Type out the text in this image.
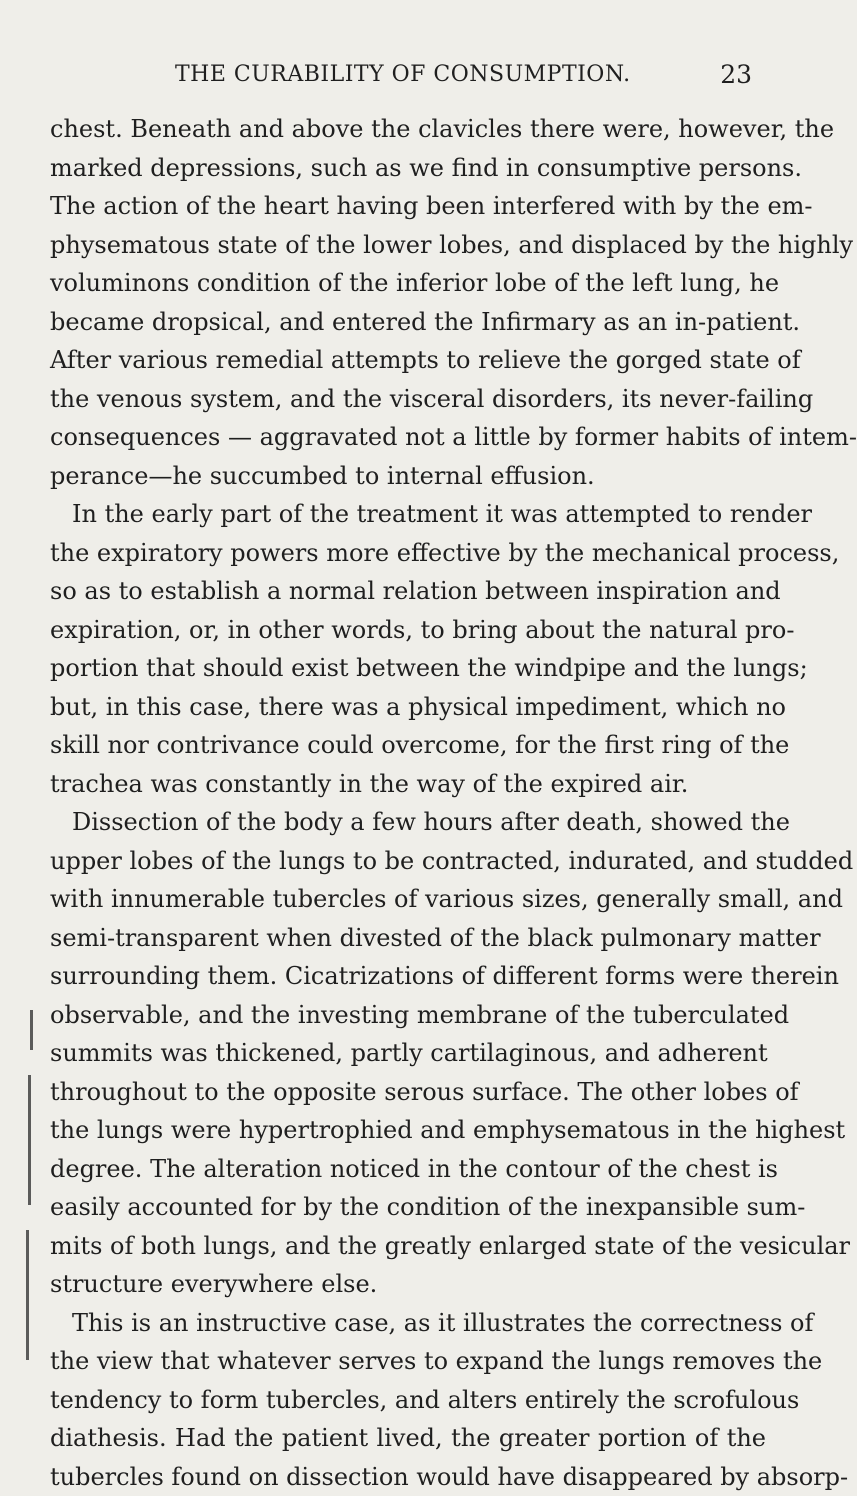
THE CURABILITY OF CONSUMPTION.	23
chest. Beneath and above the clavicles there were, however, the
marked depressions, such as we find in consumptive persons.
The action of the heart having been interfered with by the em-
physematous state of the lower lobes, and displaced by the highly
voluminons condition of the inferior lobe of the left lung, he
became dropsical, and entered the Infirmary as an in-patient.
After various remedial attempts to relieve the gorged state of
the venous system, and the visceral disorders, its never-failing
consequences — aggravated not a little by former habits of intem-
perance—he succumbed to internal effusion.
In the early part of the treatment it was attempted to render
the expiratory powers more effective by the mechanical process,
so as to establish a normal relation between inspiration and
expiration, or, in other words, to bring about the natural pro-
portion that should exist between the windpipe and the lungs;
but, in this case, there was a physical impediment, which no
skill nor contrivance could overcome, for the first ring of the
trachea was constantly in the way of the expired air.
Dissection of the body a few hours after death, showed the
upper lobes of the lungs to be contracted, indurated, and studded
with innumerable tubercles of various sizes, generally small, and
semi-transparent when divested of the black pulmonary matter
surrounding them. Cicatrizations of different forms were therein
observable, and the investing membrane of the tuberculated
summits was thickened, partly cartilaginous, and adherent
throughout to the opposite serous surface. The other lobes of
the lungs were hypertrophied and emphysematous in the highest
degree. The alteration noticed in the contour of the chest is
easily accounted for by the condition of the inexpansible sum-
mits of both lungs, and the greatly enlarged state of the vesicular
structure everywhere else.
This is an instructive case, as it illustrates the correctness of
the view that whatever serves to expand the lungs removes the
tendency to form tubercles, and alters entirely the scrofulous
diathesis. Had the patient lived, the greater portion of the
tubercles found on dissection would have disappeared by absorp-
